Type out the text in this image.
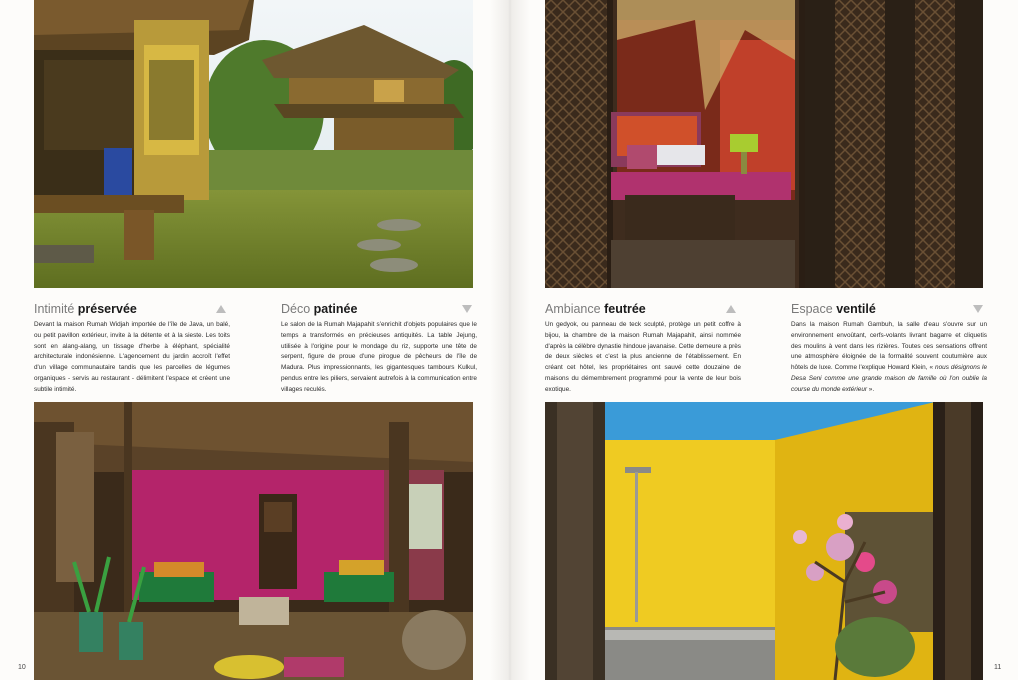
Intimité préservée

Devant la maison Rumah Widjah importée de l'île de Java, un balé, ou petit pavillon extérieur, invite à la détente et à la sieste. Les toits sont en alang-alang, un tissage d'herbe à éléphant, spécialité architecturale indonésienne. L'agencement du jardin accroît l'effet d'un village communautaire tandis que les parcelles de légumes organiques - servis au restaurant - délimitent l'espace et créent une subtile intimité.

Déco patinée

Le salon de la Rumah Majapahit s'enrichit d'objets populaires que le temps a transformés en précieuses antiquités. La table Jejung, utilisée à l'origine pour le mondage du riz, supporte une tête de serpent, figure de proue d'une pirogue de pêcheurs de l'île de Madura. Plus impressionnants, les gigantesques tambours Kulkul, pendus entre les piliers, servaient autrefois à la communication entre villages reculés.

Ambiance feutrée

Un gedyok, ou panneau de teck sculpté, protège un petit coffre à bijou, la chambre de la maison Rumah Majapahit, ainsi nommée d'après la célèbre dynastie hindoue javanaise. Cette demeure a près de deux siècles et c'est la plus ancienne de l'établissement. En créant cet hôtel, les propriétaires ont sauvé cette douzaine de maisons du démembrement programmé pour la vente de leur bois exotique.

Espace ventilé

Dans la maison Rumah Gambuh, la salle d'eau s'ouvre sur un environnement envoûtant, cerfs-volants livrant bagarre et cliquetis des moulins à vent dans les rizières. Toutes ces sensations offrent une atmosphère éloignée de la formalité souvent coutumière aux hôtels de luxe. Comme l'explique Howard Klein, « nous désignons le Desa Seni comme une grande maison de famille où l'on oublie la course du monde extérieur ».

10	11
